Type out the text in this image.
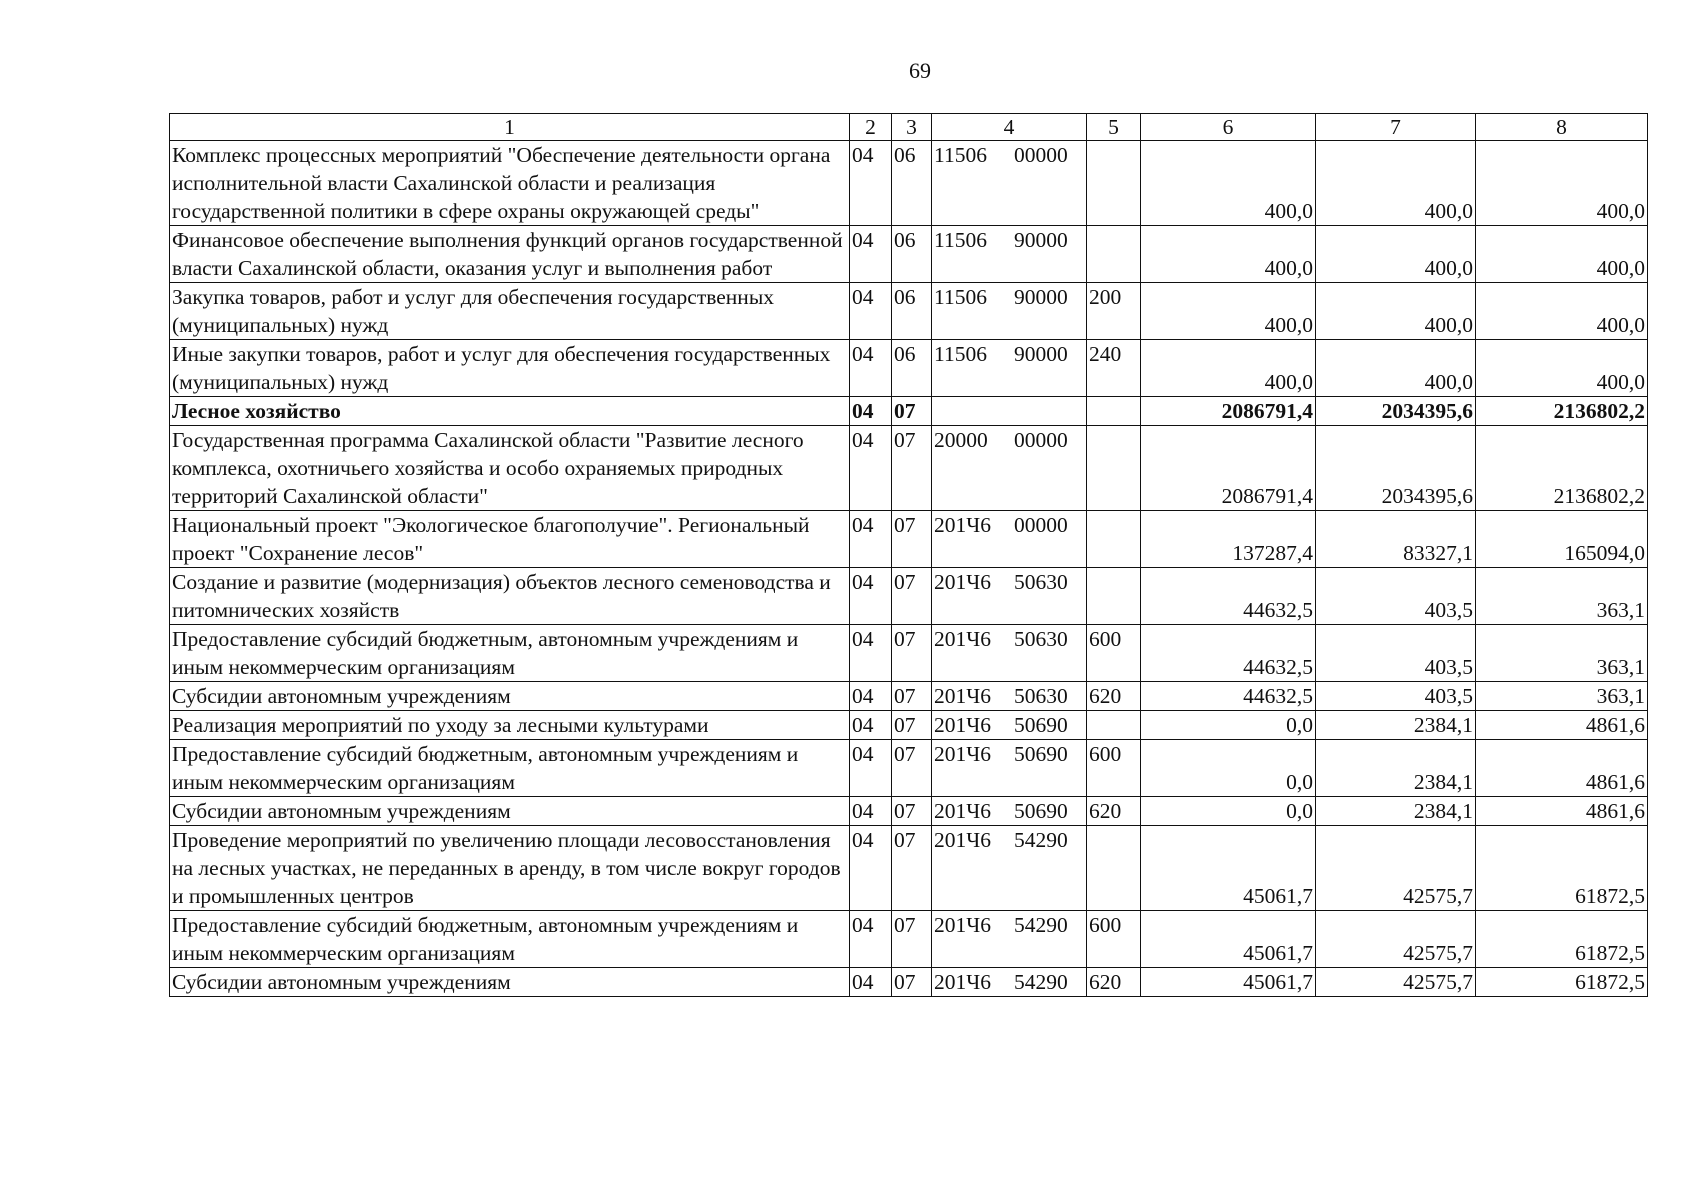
69
1	2	3	4	5	6	7	8
Комплекс процессных мероприятий "Обеспечение деятельности органа исполнительной власти Сахалинской области и реализация государственной политики в сфере охраны окружающей среды"	04	06	11506 00000		400,0	400,0	400,0
Финансовое обеспечение выполнения функций органов государственной власти Сахалинской области, оказания услуг и выполнения работ	04	06	11506 90000		400,0	400,0	400,0
Закупка товаров, работ и услуг для обеспечения государственных (муниципальных) нужд	04	06	11506 90000	200	400,0	400,0	400,0
Иные закупки товаров, работ и услуг для обеспечения государственных (муниципальных) нужд	04	06	11506 90000	240	400,0	400,0	400,0
Лесное хозяйство	04	07			2086791,4	2034395,6	2136802,2
Государственная программа Сахалинской области "Развитие лесного комплекса, охотничьего хозяйства и особо охраняемых природных территорий Сахалинской области"	04	07	20000 00000		2086791,4	2034395,6	2136802,2
Национальный проект "Экологическое благополучие". Региональный проект "Сохранение лесов"	04	07	201Ч6 00000		137287,4	83327,1	165094,0
Создание и развитие (модернизация) объектов лесного семеноводства и питомнических хозяйств	04	07	201Ч6 50630		44632,5	403,5	363,1
Предоставление субсидий бюджетным, автономным учреждениям и иным некоммерческим организациям	04	07	201Ч6 50630	600	44632,5	403,5	363,1
Субсидии автономным учреждениям	04	07	201Ч6 50630	620	44632,5	403,5	363,1
Реализация мероприятий по уходу за лесными культурами	04	07	201Ч6 50690		0,0	2384,1	4861,6
Предоставление субсидий бюджетным, автономным учреждениям и иным некоммерческим организациям	04	07	201Ч6 50690	600	0,0	2384,1	4861,6
Субсидии автономным учреждениям	04	07	201Ч6 50690	620	0,0	2384,1	4861,6
Проведение мероприятий по увеличению площади лесовосстановления на лесных участках, не переданных в аренду, в том числе вокруг городов и промышленных центров	04	07	201Ч6 54290		45061,7	42575,7	61872,5
Предоставление субсидий бюджетным, автономным учреждениям и иным некоммерческим организациям	04	07	201Ч6 54290	600	45061,7	42575,7	61872,5
Субсидии автономным учреждениям	04	07	201Ч6 54290	620	45061,7	42575,7	61872,5
